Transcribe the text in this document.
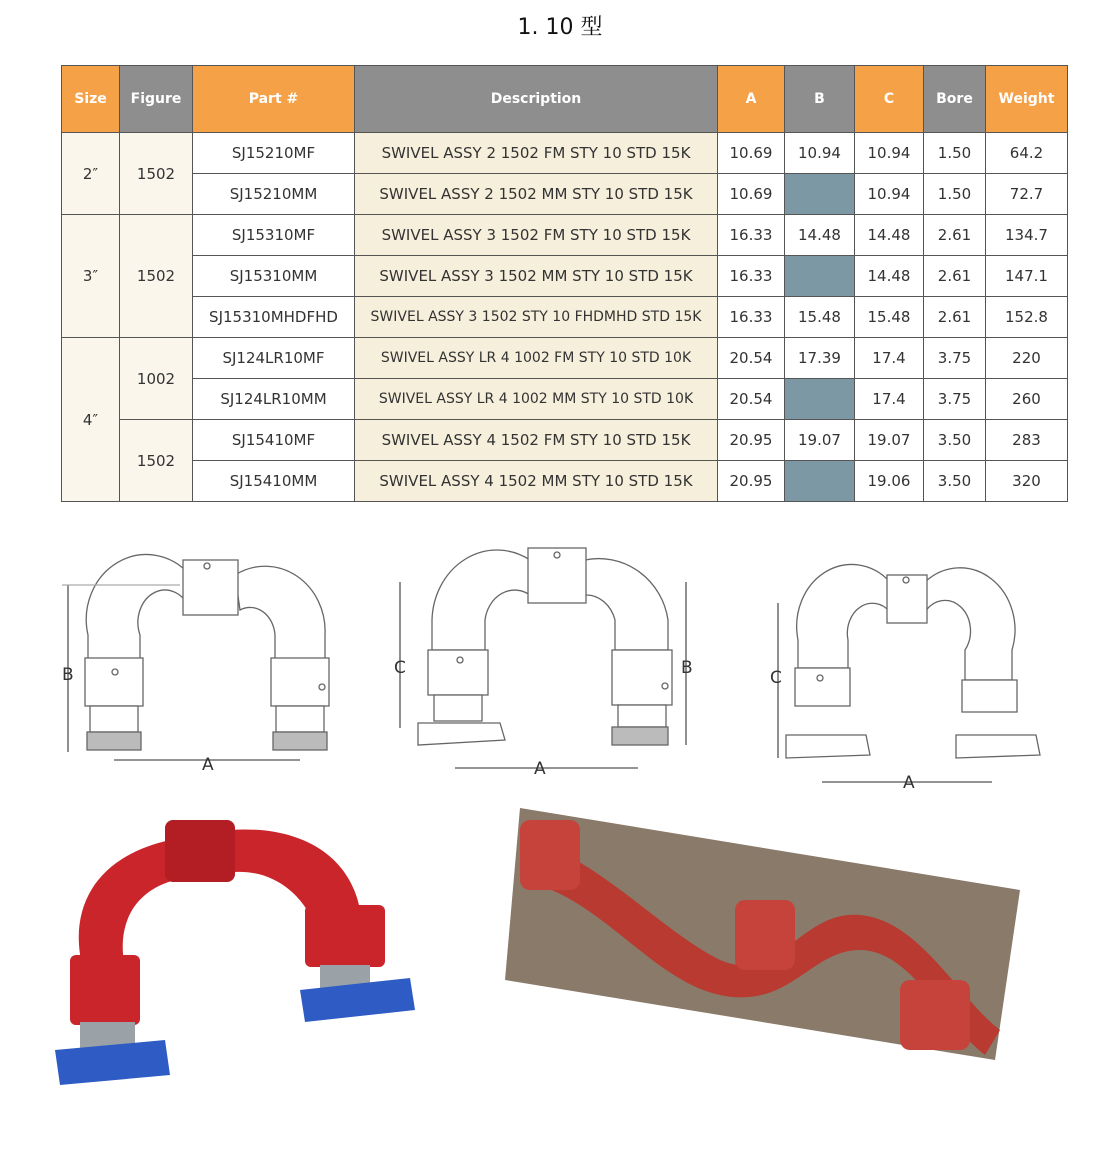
1. 10 型
Size	Figure	Part #	Description	A	B	C	Bore	Weight
2″	1502	SJ15210MF	SWIVEL ASSY 2 1502 FM STY 10 STD 15K	10.69	10.94	10.94	1.50	64.2
		SJ15210MM	SWIVEL ASSY 2 1502 MM STY 10 STD 15K	10.69		10.94	1.50	72.7
3″	1502	SJ15310MF	SWIVEL ASSY 3 1502 FM STY 10 STD 15K	16.33	14.48	14.48	2.61	134.7
		SJ15310MM	SWIVEL ASSY 3 1502 MM STY 10 STD 15K	16.33		14.48	2.61	147.1
		SJ15310MHDFHD	SWIVEL ASSY 3 1502 STY 10 FHDMHD STD 15K	16.33	15.48	15.48	2.61	152.8
4″	1002	SJ124LR10MF	SWIVEL ASSY LR 4 1002 FM STY 10 STD 10K	20.54	17.39	17.4	3.75	220
		SJ124LR10MM	SWIVEL ASSY LR 4 1002 MM STY 10 STD 10K	20.54		17.4	3.75	260
	1502	SJ15410MF	SWIVEL ASSY 4 1502 FM STY 10 STD 15K	20.95	19.07	19.07	3.50	283
		SJ15410MM	SWIVEL ASSY 4 1502 MM STY 10 STD 15K	20.95		19.06	3.50	320
B
A
C	B
A
C
A
